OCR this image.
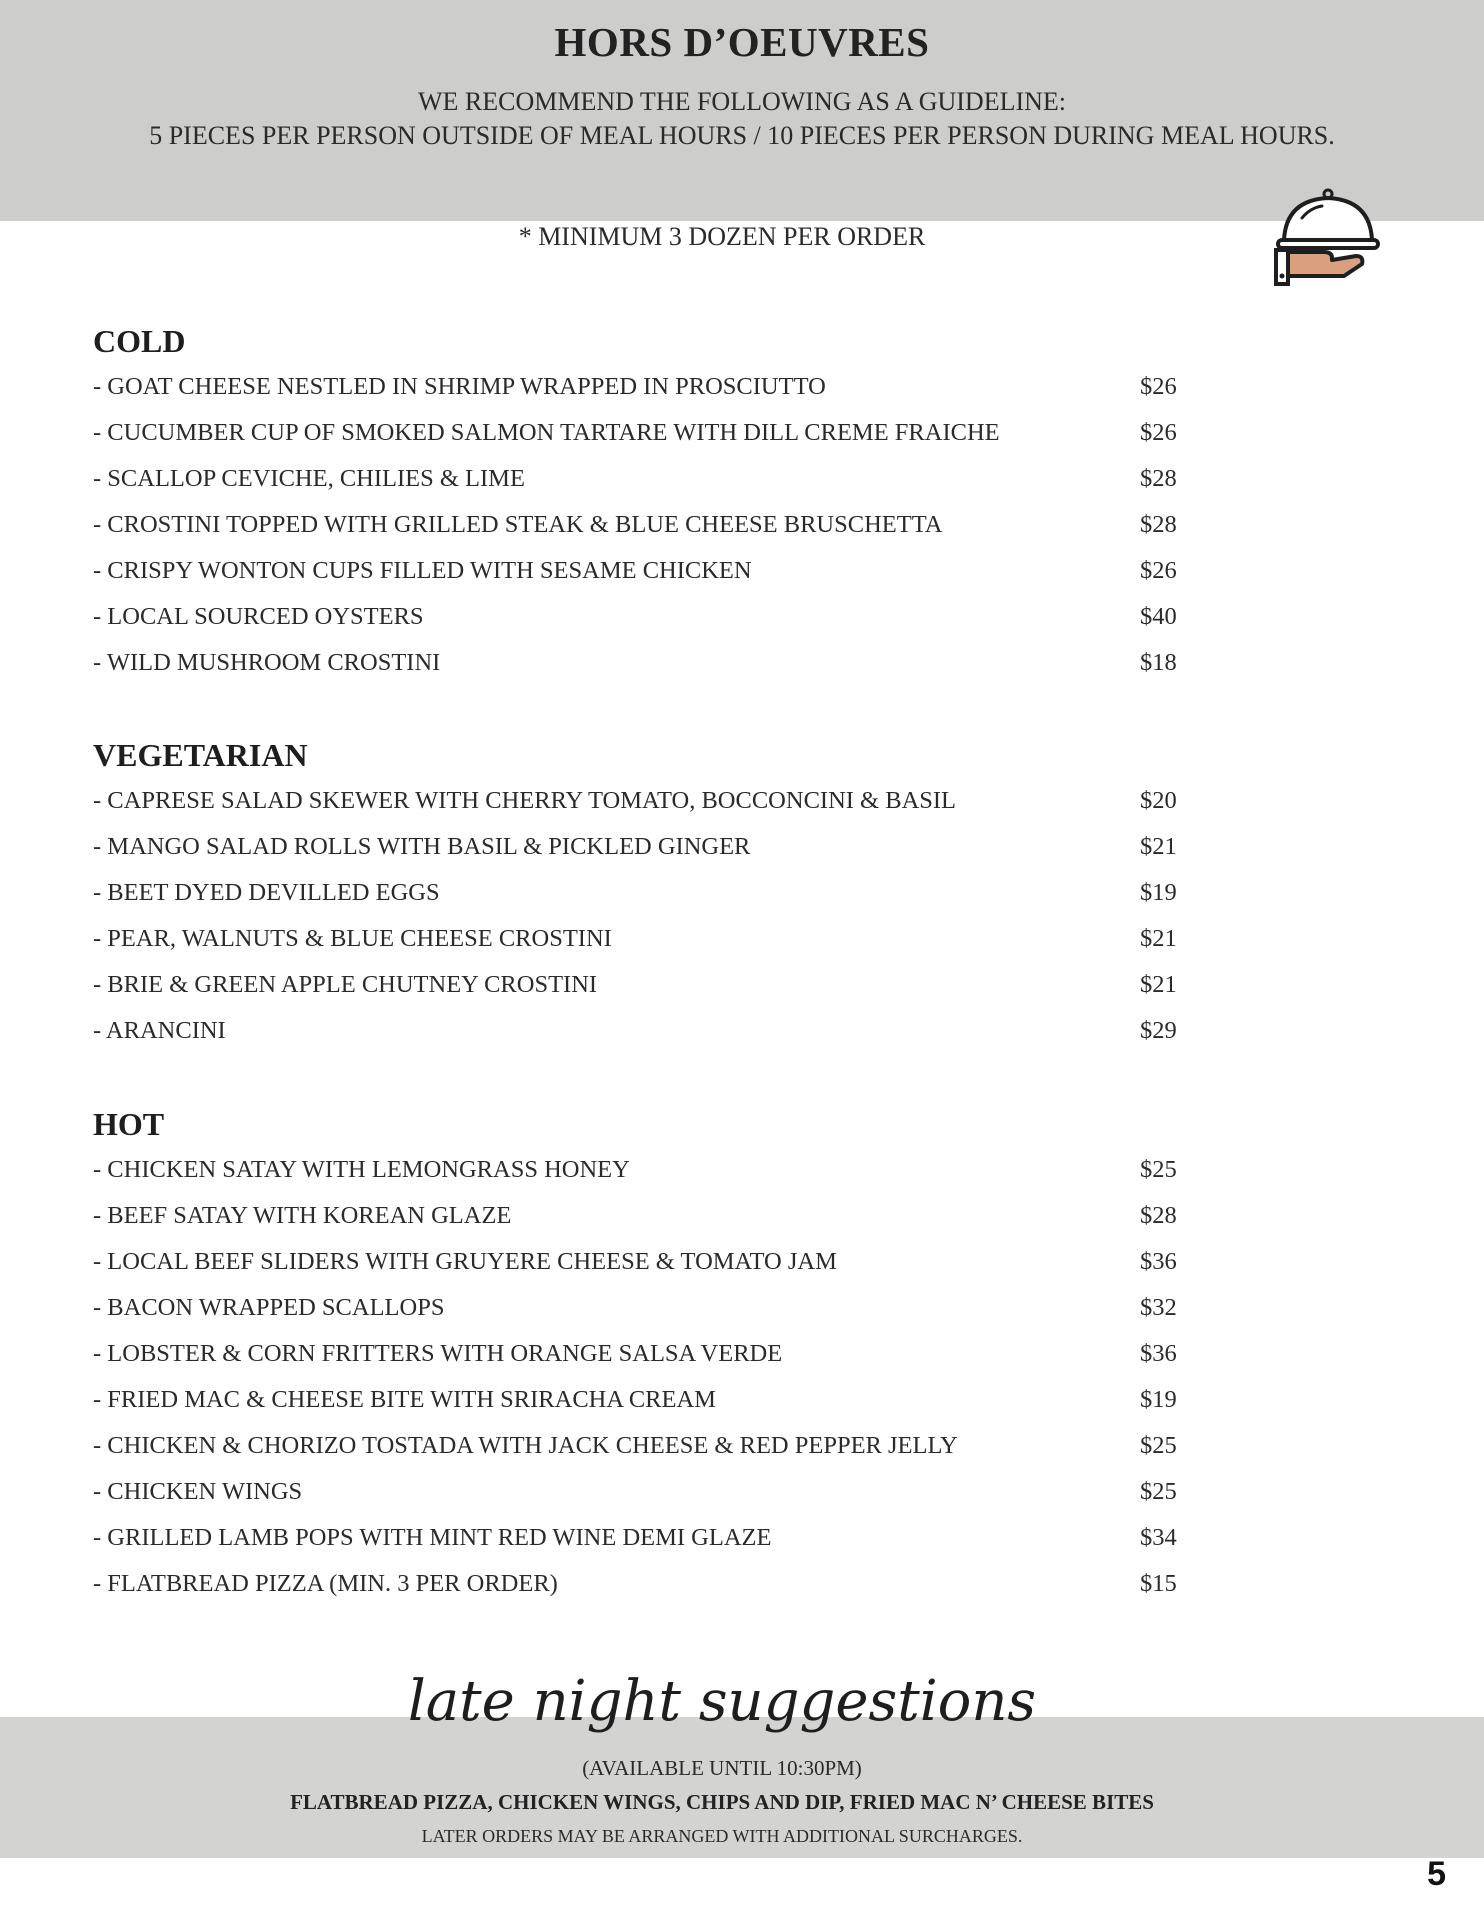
HORS D’OEUVRES
WE RECOMMEND THE FOLLOWING AS A GUIDELINE:
5 PIECES PER PERSON OUTSIDE OF MEAL HOURS / 10 PIECES PER PERSON DURING MEAL HOURS.
* MINIMUM 3 DOZEN PER ORDER
COLD
- GOAT CHEESE NESTLED IN SHRIMP WRAPPED IN PROSCIUTTO	$26
- CUCUMBER CUP OF SMOKED SALMON TARTARE WITH DILL CREME FRAICHE	$26
- SCALLOP CEVICHE, CHILIES & LIME	$28
- CROSTINI TOPPED WITH GRILLED STEAK & BLUE CHEESE BRUSCHETTA	$28
- CRISPY WONTON CUPS FILLED WITH SESAME CHICKEN	$26
- LOCAL SOURCED OYSTERS	$40
- WILD MUSHROOM CROSTINI	$18
VEGETARIAN
- CAPRESE SALAD SKEWER WITH CHERRY TOMATO, BOCCONCINI & BASIL	$20
- MANGO SALAD ROLLS WITH BASIL & PICKLED GINGER	$21
- BEET DYED DEVILLED EGGS	$19
- PEAR, WALNUTS & BLUE CHEESE CROSTINI	$21
- BRIE & GREEN APPLE CHUTNEY CROSTINI	$21
- ARANCINI	$29
HOT
- CHICKEN SATAY WITH LEMONGRASS HONEY	$25
- BEEF SATAY WITH KOREAN GLAZE	$28
- LOCAL BEEF SLIDERS WITH GRUYERE CHEESE & TOMATO JAM	$36
- BACON WRAPPED SCALLOPS	$32
- LOBSTER & CORN FRITTERS WITH ORANGE SALSA VERDE	$36
- FRIED MAC & CHEESE BITE WITH SRIRACHA CREAM	$19
- CHICKEN & CHORIZO TOSTADA WITH JACK CHEESE & RED PEPPER JELLY	$25
- CHICKEN WINGS	$25
- GRILLED LAMB POPS WITH MINT RED WINE DEMI GLAZE	$34
- FLATBREAD PIZZA (MIN. 3 PER ORDER)	$15
late night suggestions
(AVAILABLE UNTIL 10:30PM)
FLATBREAD PIZZA, CHICKEN WINGS, CHIPS AND DIP, FRIED MAC N’ CHEESE BITES
LATER ORDERS MAY BE ARRANGED WITH ADDITIONAL SURCHARGES.
5
